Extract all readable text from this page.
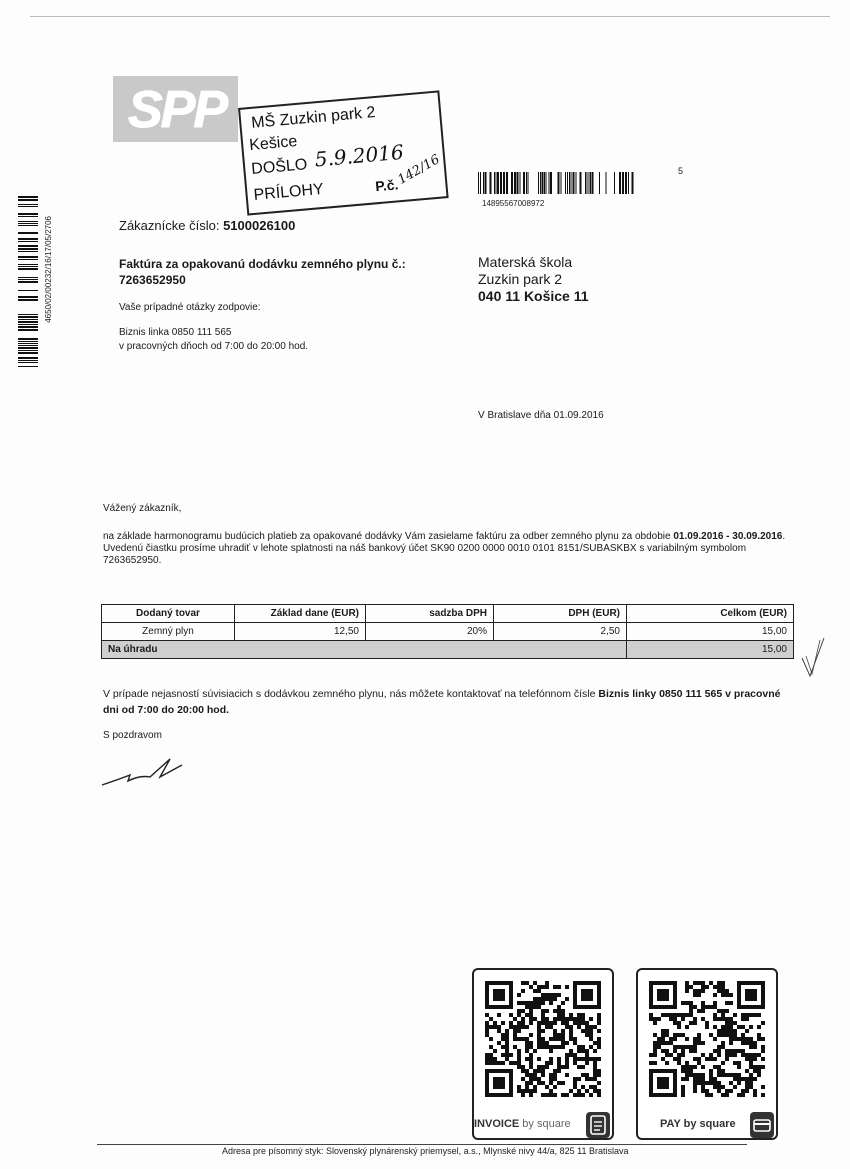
SPP MŠ Zuzkin park 2
Kešice
DOŠLO
PRÍLOHY	P.č.
5.9.2016
142/16
14895567008972
5
4650/02/00232/16/17/05/2706	Zákaznícke číslo: 5100026100
Faktúra za opakovanú dodávku zemného plynu č.:
7263652950
Vaše prípadné otázky zodpovie:
Biznis linka 0850 111 565
v pracovných dňoch od 7:00 do 20:00 hod.
Materská škola
Zuzkin park 2
040 11 Košice 11
V Bratislave dňa 01.09.2016
Vážený zákazník,
na základe harmonogramu budúcich platieb za opakované dodávky Vám zasielame faktúru za odber zemného plynu za obdobie 01.09.2016 - 30.09.2016.
Uvedenú čiastku prosíme uhradiť v lehote splatnosti na náš bankový účet SK90 0200 0000 0010 0101 8151/SUBASKBX s variabilným symbolom 7263652950.
Dodaný tovar	Základ dane (EUR)	sadzba DPH	DPH (EUR)	Celkom (EUR)
Zemný plyn	12,50	20%	2,50	15,00
Na úhradu				15,00
V prípade nejasností súvisiacich s dodávkou zemného plynu, nás môžete kontaktovať na telefónnom čísle Biznis linky 0850 111 565 v pracovné dni od 7:00 do 20:00 hod.
S pozdravom
INVOICE by square	PAY by square
Adresa pre písomný styk: Slovenský plynárenský priemysel, a.s., Mlynské nivy 44/a, 825 11 Bratislava
